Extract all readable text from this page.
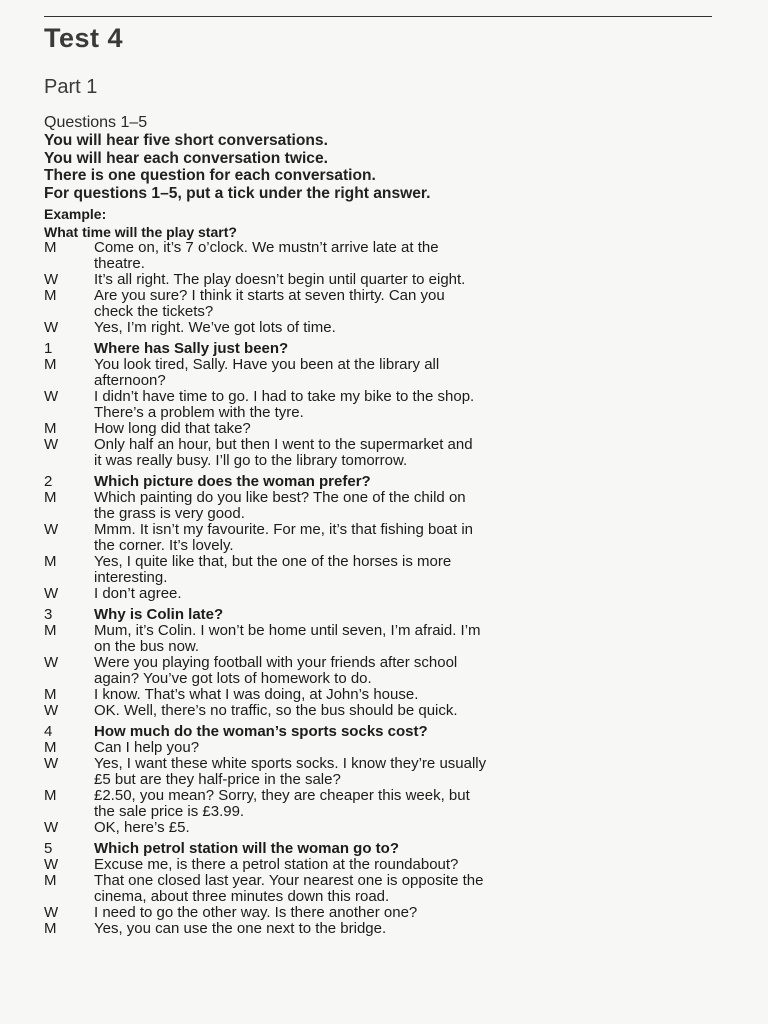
Test 4
Part 1
Questions 1–5
You will hear five short conversations.
You will hear each conversation twice.
There is one question for each conversation.
For questions 1–5, put a tick under the right answer.
Example:
What time will the play start?
M	Come on, it’s 7 o’clock. We mustn’t arrive late at the
theatre.
W	It’s all right. The play doesn’t begin until quarter to eight.
M	Are you sure? I think it starts at seven thirty. Can you
check the tickets?
W	Yes, I’m right. We’ve got lots of time.
1	Where has Sally just been?
M	You look tired, Sally. Have you been at the library all
afternoon?
W	I didn’t have time to go. I had to take my bike to the shop.
There’s a problem with the tyre.
M	How long did that take?
W	Only half an hour, but then I went to the supermarket and
it was really busy. I’ll go to the library tomorrow.
2	Which picture does the woman prefer?
M	Which painting do you like best? The one of the child on
the grass is very good.
W	Mmm. It isn’t my favourite. For me, it’s that fishing boat in
the corner. It’s lovely.
M	Yes, I quite like that, but the one of the horses is more
interesting.
W	I don’t agree.
3	Why is Colin late?
M	Mum, it’s Colin. I won’t be home until seven, I’m afraid. I’m
on the bus now.
W	Were you playing football with your friends after school
again? You’ve got lots of homework to do.
M	I know. That’s what I was doing, at John’s house.
W	OK. Well, there’s no traffic, so the bus should be quick.
4	How much do the woman’s sports socks cost?
M	Can I help you?
W	Yes, I want these white sports socks. I know they’re usually
£5 but are they half-price in the sale?
M	£2.50, you mean? Sorry, they are cheaper this week, but
the sale price is £3.99.
W	OK, here’s £5.
5	Which petrol station will the woman go to?
W	Excuse me, is there a petrol station at the roundabout?
M	That one closed last year. Your nearest one is opposite the
cinema, about three minutes down this road.
W	I need to go the other way. Is there another one?
M	Yes, you can use the one next to the bridge.
